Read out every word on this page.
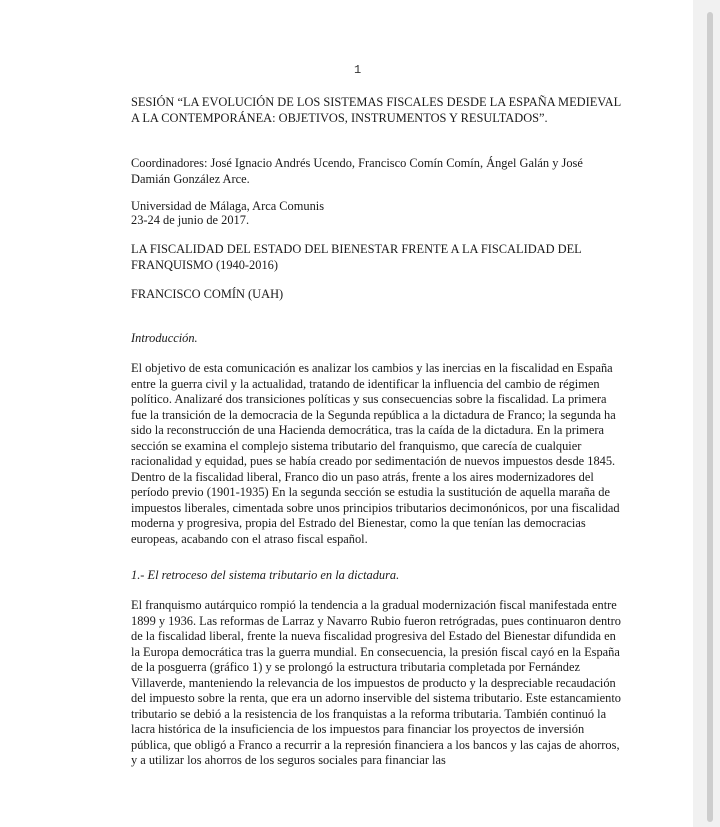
1

SESIÓN “LA EVOLUCIÓN DE LOS SISTEMAS FISCALES DESDE LA ESPAÑA MEDIEVAL A LA CONTEMPORÁNEA: OBJETIVOS, INSTRUMENTOS Y RESULTADOS”.

Coordinadores: José Ignacio Andrés Ucendo, Francisco Comín Comín, Ángel Galán y José Damián González Arce.

Universidad de Málaga, Arca Comunis

23-24 de junio de 2017.

LA FISCALIDAD DEL ESTADO DEL BIENESTAR FRENTE A LA FISCALIDAD DEL FRANQUISMO (1940-2016)

FRANCISCO COMÍN (UAH)

Introducción.

El objetivo de esta comunicación es analizar los cambios y las inercias en la fiscalidad en España entre la guerra civil y la actualidad, tratando de identificar la influencia del cambio de régimen político. Analizaré dos transiciones políticas y sus consecuencias sobre la fiscalidad. La primera fue la transición de la democracia de la Segunda república a la dictadura de Franco; la segunda ha sido la reconstrucción de una Hacienda democrática, tras la caída de la dictadura. En la primera sección se examina el complejo sistema tributario del franquismo, que carecía de cualquier racionalidad y equidad, pues se había creado por sedimentación de nuevos impuestos desde 1845. Dentro de la fiscalidad liberal, Franco dio un paso atrás, frente a los aires modernizadores del período previo (1901-1935) En la segunda sección se estudia la sustitución de aquella maraña de impuestos liberales, cimentada sobre unos principios tributarios decimonónicos, por una fiscalidad moderna y progresiva, propia del Estrado del Bienestar, como la que tenían las democracias europeas, acabando con el atraso fiscal español.

1.- El retroceso del sistema tributario en la dictadura.

El franquismo autárquico rompió la tendencia a la gradual modernización fiscal manifestada entre 1899 y 1936. Las reformas de Larraz y Navarro Rubio fueron retrógradas, pues continuaron dentro de la fiscalidad liberal, frente la nueva fiscalidad progresiva del Estado del Bienestar difundida en la Europa democrática tras la guerra mundial. En consecuencia, la presión fiscal cayó en la España de la posguerra (gráfico 1) y se prolongó la estructura tributaria completada por Fernández Villaverde, manteniendo la relevancia de los impuestos de producto y la despreciable recaudación del impuesto sobre la renta, que era un adorno inservible del sistema tributario. Este estancamiento tributario se debió a la resistencia de los franquistas a la reforma tributaria. También continuó la lacra histórica de la insuficiencia de los impuestos para financiar los proyectos de inversión pública, que obligó a Franco a recurrir a la represión financiera a los bancos y las cajas de ahorros, y a utilizar los ahorros de los seguros sociales para financiar las
